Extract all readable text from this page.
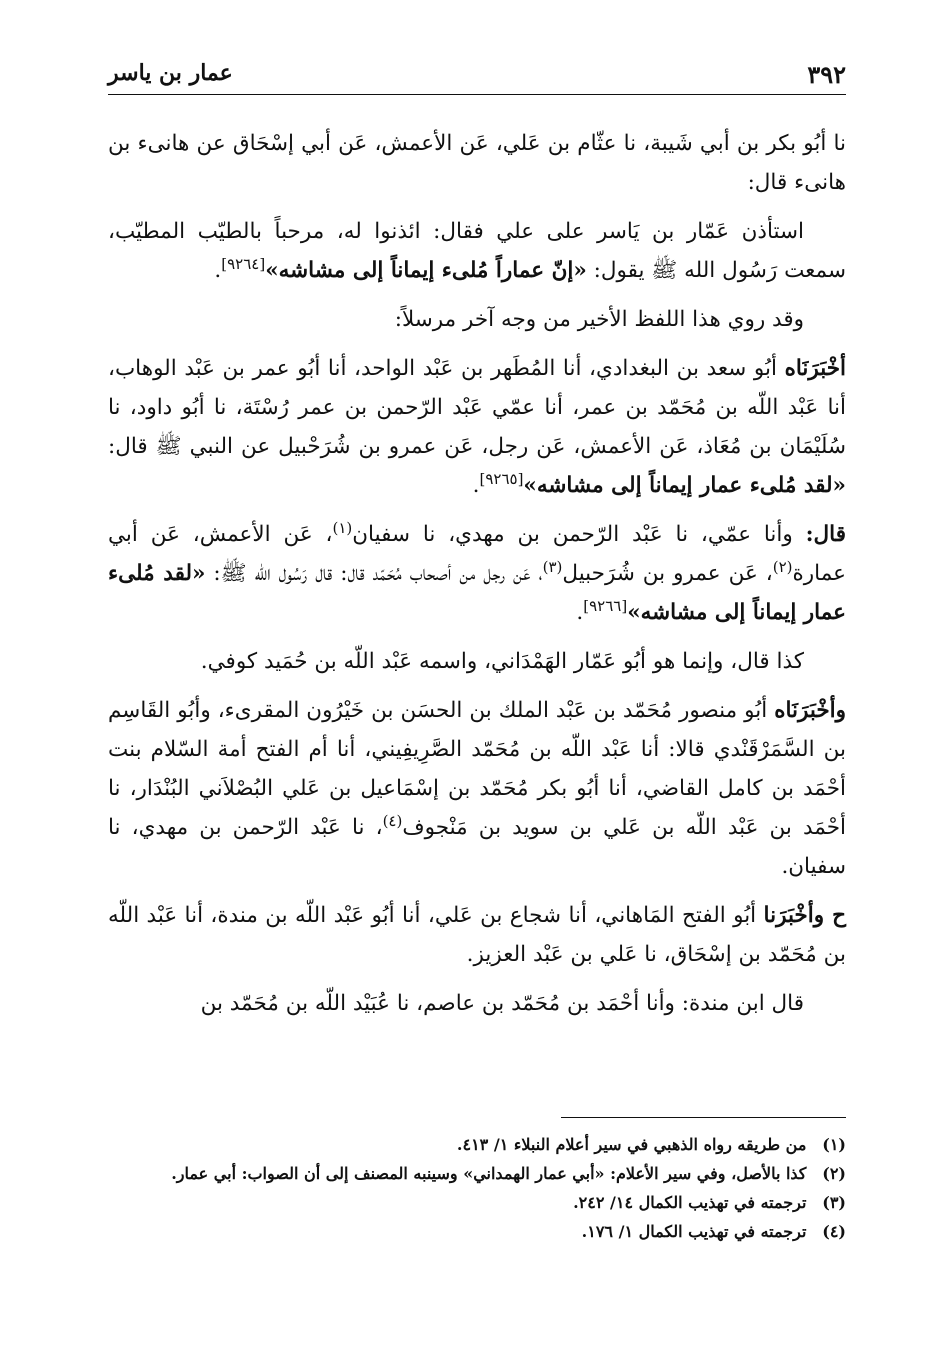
٣٩٢
عمار بن ياسر

نا أبُو بكر بن أبي شَيبة، نا عثّام بن عَلي، عَن الأعمش، عَن أبي إسْحَاق عن هانىء بن هانىء قال:

استأذن عَمّار بن يَاسر على علي فقال: ائذنوا له، مرحباً بالطيّب المطيّب، سمعت رَسُول الله ﷺ يقول: «إنّ عماراً مُلىء إيماناً إلى مشاشه»[٩٢٦٤].

وقد روي هذا اللفظ الأخير من وجه آخر مرسلاً:

أخْبَرَنَاه أبُو سعد بن البغدادي، أنا المُطَهر بن عَبْد الواحد، أنا أبُو عمر بن عَبْد الوهاب، أنا عَبْد اللّه بن مُحَمّد بن عمر، أنا عمّي عَبْد الرّحمن بن عمر رُسْتَة، نا أبُو داود، نا سُلَيْمَان بن مُعَاذ، عَن الأعمش، عَن رجل، عَن عمرو بن شُرَحْبيل عن النبي ﷺ قال: «لقد مُلىء عمار إيماناً إلى مشاشه»[٩٢٦٥].

قال: وأنا عمّي، نا عَبْد الرّحمن بن مهدي، نا سفيان$^{(١)}$، عَن الأعمش، عَن أبي عمارة$^{(٢)}$، عَن عمرو بن شُرَحبيل$^{(٣)}$، عَن رجل من أصحاب مُحَمّد قال: قال رَسُول الله ﷺ: «لقد مُلىء عمار إيماناً إلى مشاشه»[٩٢٦٦].

كذا قال، وإنما هو أبُو عَمّار الهَمْدَاني، واسمه عَبْد اللّه بن حُمَيد كوفي.

وأخْبَرَنَاه أبُو منصور مُحَمّد بن عَبْد الملك بن الحسَن بن خَيْرُون المقرىء، وأبُو القَاسِم بن السَّمَرْقَنْدي قالا: أنا عَبْد اللّه بن مُحَمّد الصَّرِيفِيني، أنا أم الفتح أمة السّلام بنت أحْمَد بن كامل القاضي، أنا أبُو بكر مُحَمّد بن إسْمَاعيل بن عَلي البُصْلاَني البُنْدَار، نا أحْمَد بن عَبْد اللّه بن عَلي بن سويد بن مَنْجوف$^{(٤)}$، نا عَبْد الرّحمن بن مهدي، نا سفيان.

ح وأخْبَرَنا أبُو الفتح المَاهاني، أنا شجاع بن عَلي، أنا أبُو عَبْد اللّه بن مندة، أنا عَبْد اللّه بن مُحَمّد بن إسْحَاق، نا عَلي بن عَبْد العزيز.

قال ابن مندة: وأنا أحْمَد بن مُحَمّد بن عاصم، نا عُبَيْد اللّه بن مُحَمّد بن

(١) من طريقه رواه الذهبي في سير أعلام النبلاء ١/ ٤١٣.

(٢) كذا بالأصل، وفي سير الأعلام: «أبي عمار الهمداني» وسينبه المصنف إلى أن الصواب: أبي عمار.

(٣) ترجمته في تهذيب الكمال ١٤/ ٢٤٢.

(٤) ترجمته في تهذيب الكمال ١/ ١٧٦.
